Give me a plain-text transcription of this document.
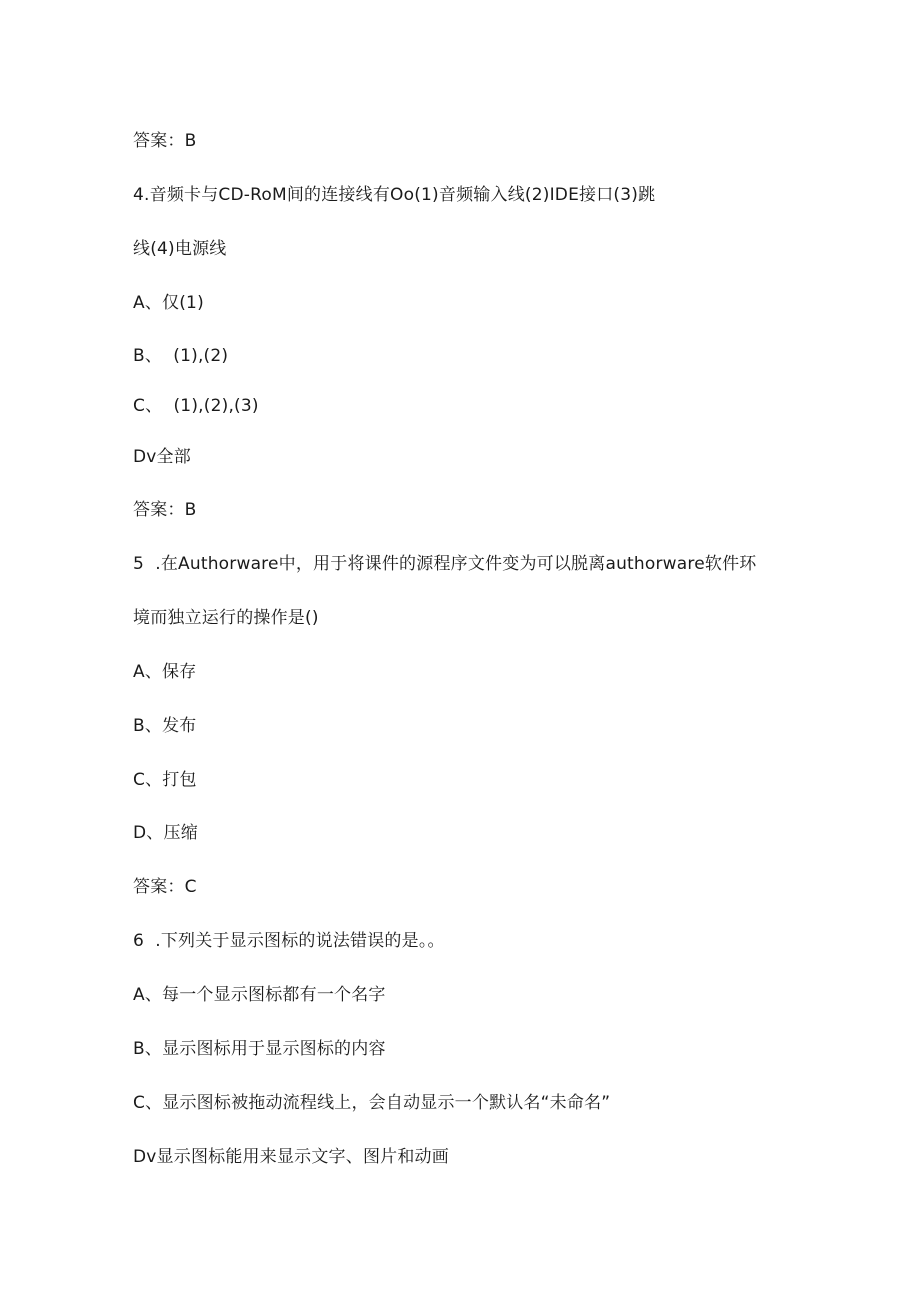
答案：B
4.音频卡与CD-RoM间的连接线有Oo(1)音频输入线(2)IDE接口(3)跳
线(4)电源线
A、仅(1)
B、  (1),(2)
C、  (1),(2),(3)
Dv全部
答案：B
5  .在Authorware中，用于将课件的源程序文件变为可以脱离authorware软件环
境而独立运行的操作是()
A、保存
B、发布
C、打包
D、压缩
答案：C
6  .下列关于显示图标的说法错误的是。。
A、每一个显示图标都有一个名字
B、显示图标用于显示图标的内容
C、显示图标被拖动流程线上，会自动显示一个默认名“未命名”
Dv显示图标能用来显示文字、图片和动画
